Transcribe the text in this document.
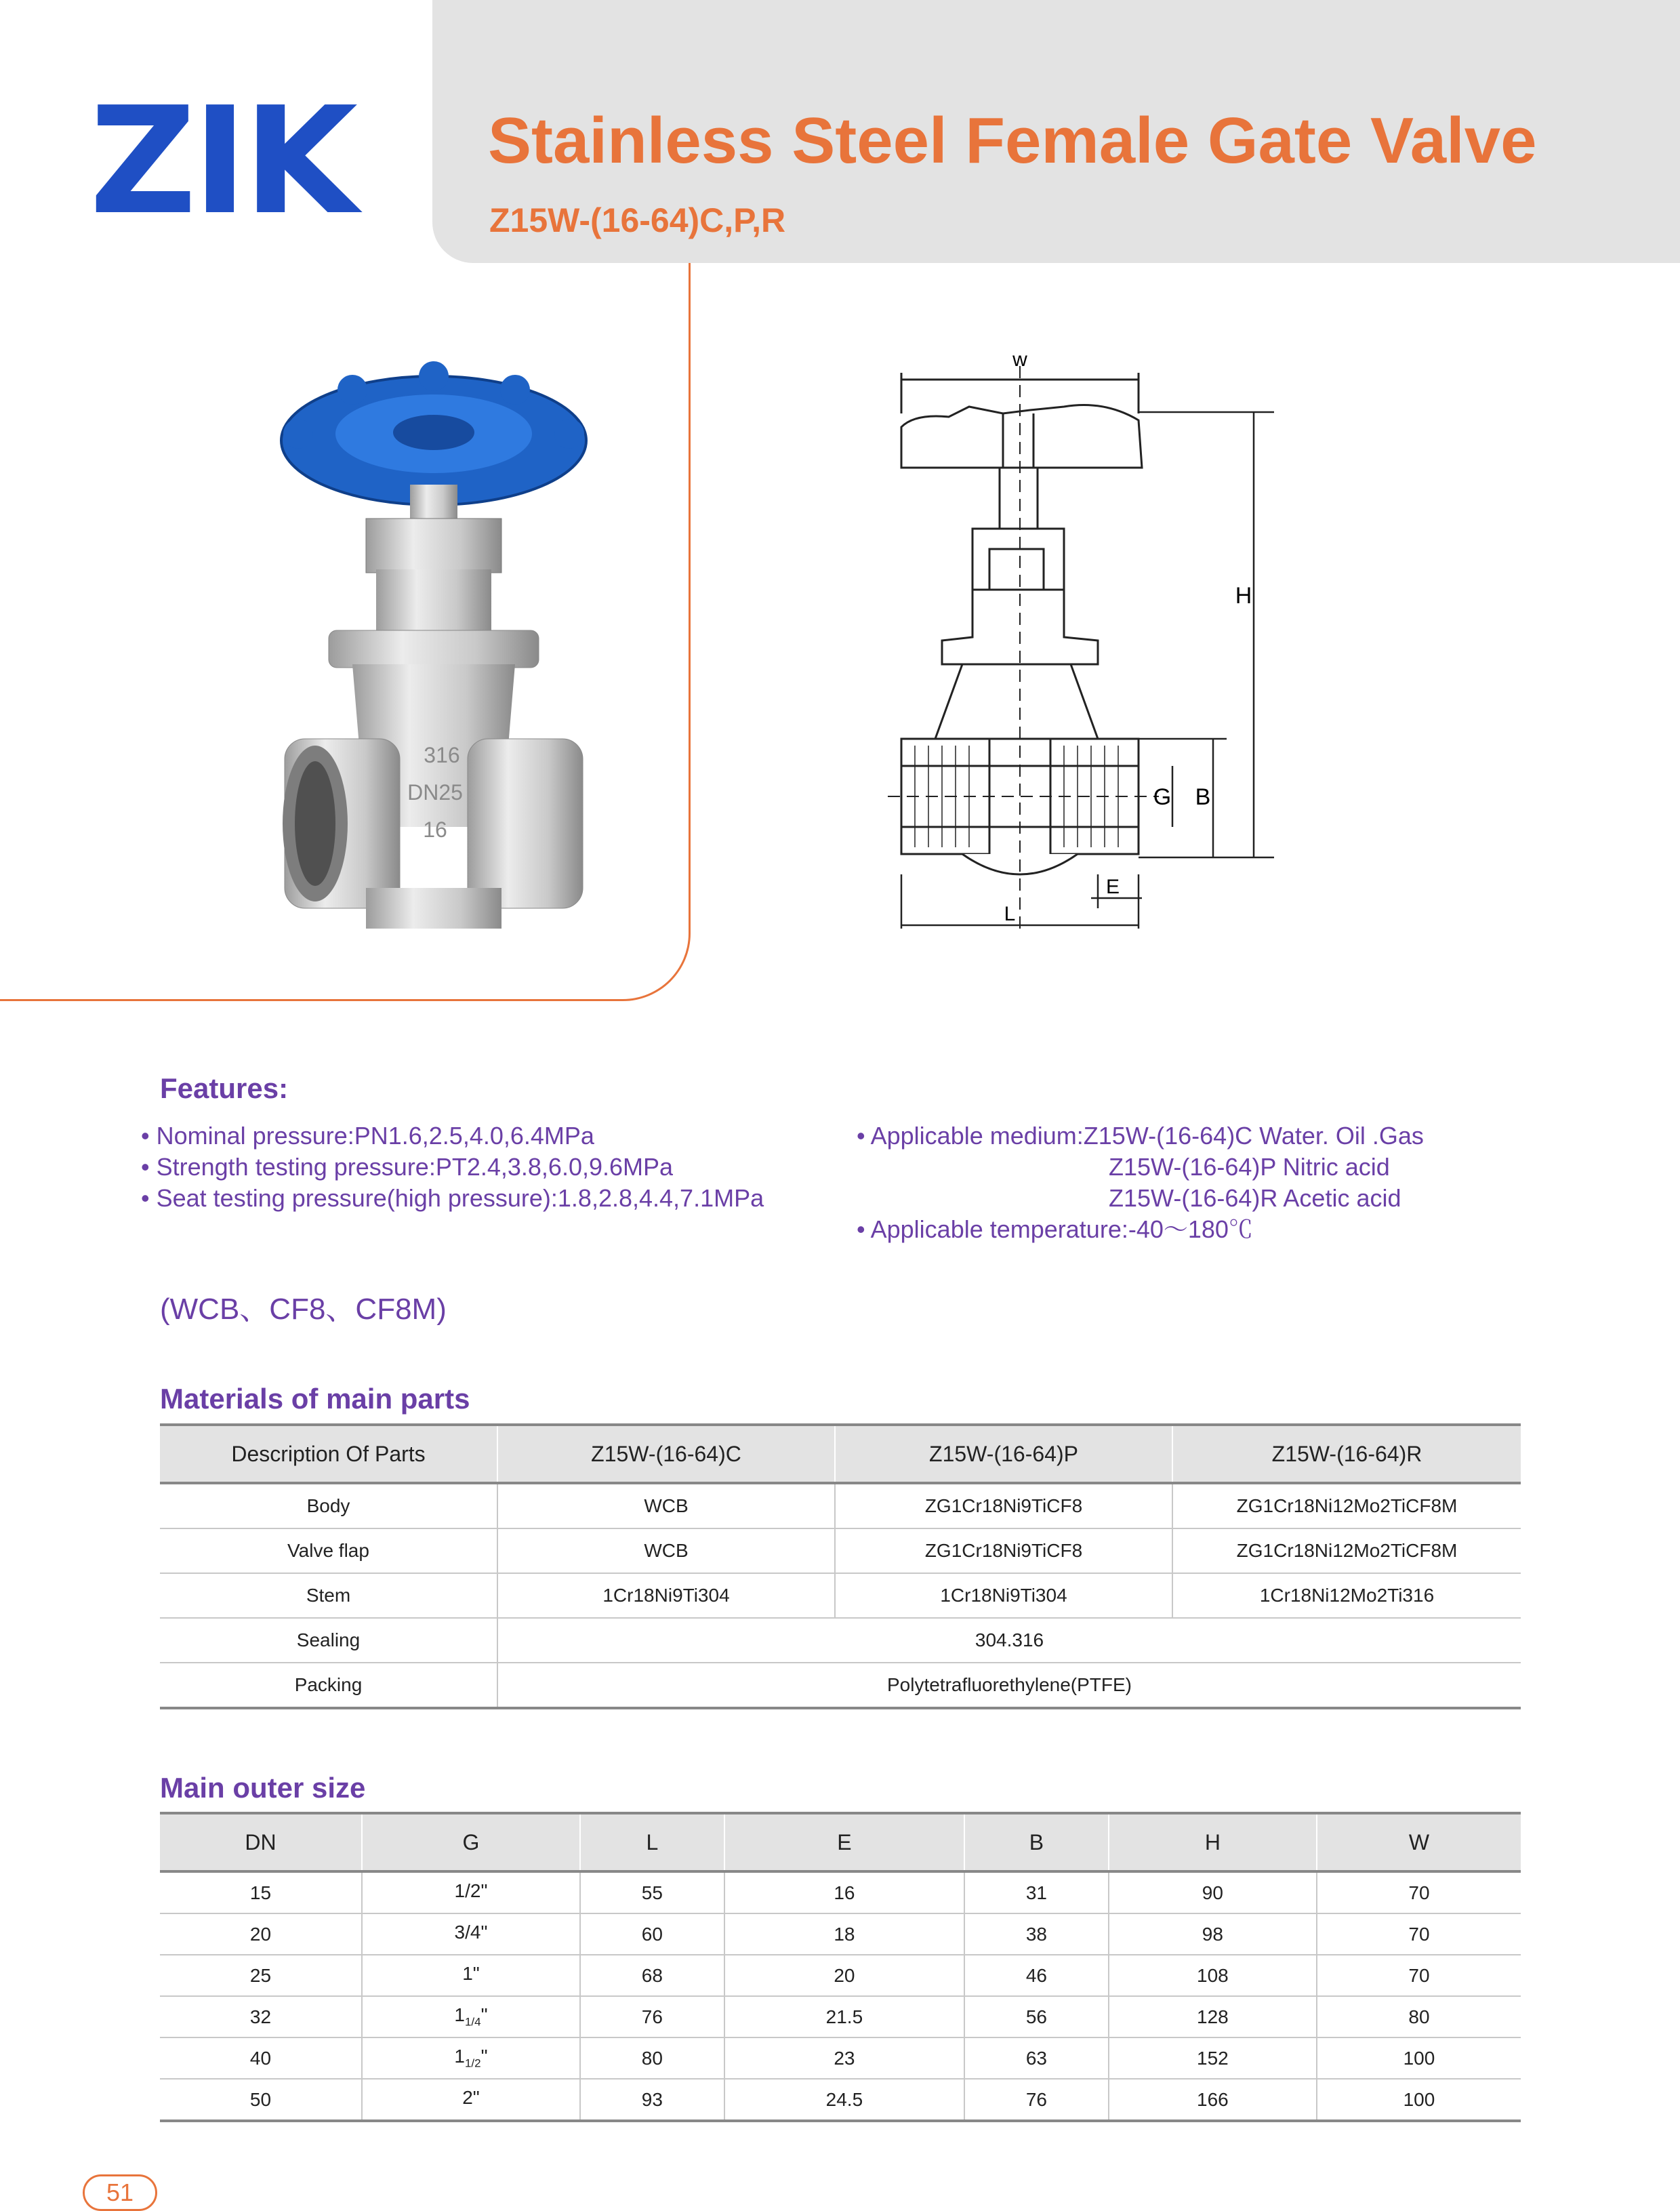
ZIK Stainless Steel Female Gate Valve
Z15W-(16-64)C,P,R
316
DN25
16
w
H
G B
L
E
Features:
• Nominal pressure:PN1.6,2.5,4.0,6.4MPa
• Strength testing pressure:PT2.4,3.8,6.0,9.6MPa
• Seat testing pressure(high pressure):1.8,2.8,4.4,7.1MPa
• Applicable medium:Z15W-(16-64)C Water. Oil .Gas
Z15W-(16-64)P Nitric acid
Z15W-(16-64)R Acetic acid
• Applicable temperature:-40～180℃
(WCB、CF8、CF8M)
Materials of main parts
Description Of Parts	Z15W-(16-64)C	Z15W-(16-64)P	Z15W-(16-64)R
Body	WCB	ZG1Cr18Ni9TiCF8	ZG1Cr18Ni12Mo2TiCF8M
Valve flap	WCB	ZG1Cr18Ni9TiCF8	ZG1Cr18Ni12Mo2TiCF8M
Stem	1Cr18Ni9Ti304	1Cr18Ni9Ti304	1Cr18Ni12Mo2Ti316
Sealing	304.316		
Packing	Polytetrafluorethylene(PTFE)		
Main outer size
DN	G	L	E	B	H	W
15	1/2"	55	16	31	90	70
20	3/4"	60	18	38	98	70
25	1"	68	20	46	108	70
32	$1_{1/4}$"	76	21.5	56	128	80
40	$1_{1/2}$"	80	23	63	152	100
50	2"	93	24.5	76	166	100
51
